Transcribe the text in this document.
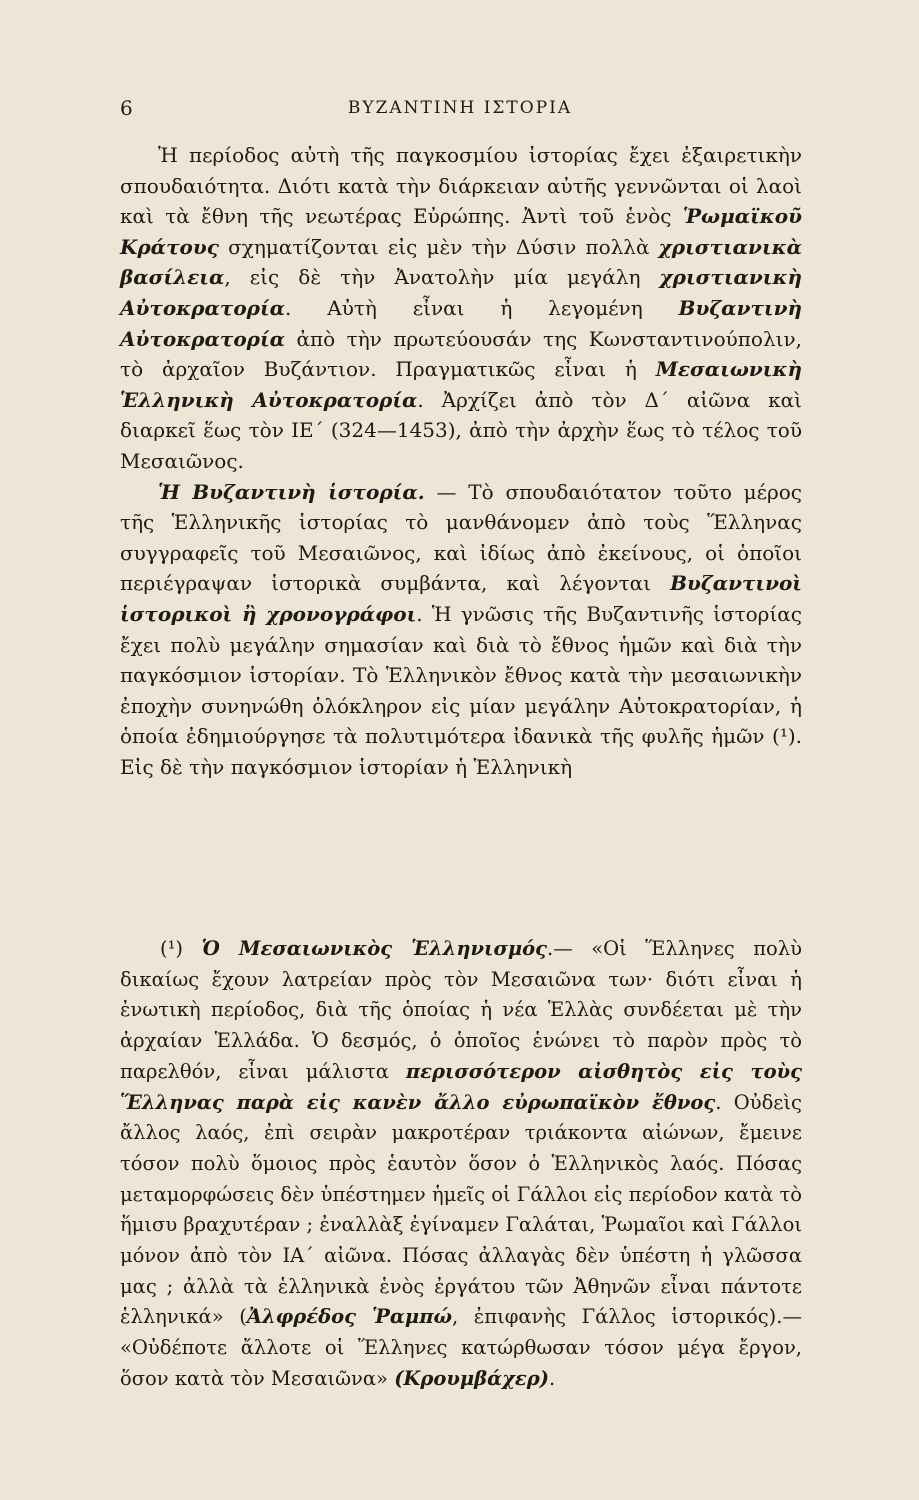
6	ΒΥΖΑΝΤΙΝΗ ΙΣΤΟΡΙΑ

Ἡ περίοδος αὐτὴ τῆς παγκοσμίου ἱστορίας ἔχει ἐξαιρετικὴν σπουδαιότητα. Διότι κατὰ τὴν διάρκειαν αὐτῆς γεννῶνται οἱ λαοὶ καὶ τὰ ἔθνη τῆς νεωτέρας Εὐρώπης. Ἀντὶ τοῦ ἑνὸς Ῥωμαϊκοῦ Κράτους σχηματίζονται εἰς μὲν τὴν Δύσιν πολλὰ χριστιανικὰ βασίλεια, εἰς δὲ τὴν Ἀνατολὴν μία μεγάλη χριστιανικὴ Αὐτοκρατορία. Αὐτὴ εἶναι ἡ λεγομένη Βυζαντινὴ Αὐτοκρατορία ἀπὸ τὴν πρωτεύουσάν της Κωνσταντινούπολιν, τὸ ἀρχαῖον Βυζάντιον. Πραγματικῶς εἶναι ἡ Μεσαιωνικὴ Ἑλληνικὴ Αὐτοκρατορία. Ἀρχίζει ἀπὸ τὸν Δ΄ αἰῶνα καὶ διαρκεῖ ἕως τὸν ΙΕ΄ (324—1453), ἀπὸ τὴν ἀρχὴν ἕως τὸ τέλος τοῦ Μεσαιῶνος.

Ἡ Βυζαντινὴ ἱστορία. — Τὸ σπουδαιότατον τοῦτο μέρος τῆς Ἑλληνικῆς ἱστορίας τὸ μανθάνομεν ἀπὸ τοὺς Ἕλληνας συγγραφεῖς τοῦ Μεσαιῶνος, καὶ ἰδίως ἀπὸ ἐκείνους, οἱ ὁποῖοι περιέγραψαν ἱστορικὰ συμβάντα, καὶ λέγονται Βυζαντινοὶ ἱστορικοὶ ἢ χρονογράφοι. Ἡ γνῶσις τῆς Βυζαντινῆς ἱστορίας ἔχει πολὺ μεγάλην σημασίαν καὶ διὰ τὸ ἔθνος ἡμῶν καὶ διὰ τὴν παγκόσμιον ἱστορίαν. Τὸ Ἑλληνικὸν ἔθνος κατὰ τὴν μεσαιωνικὴν ἐποχὴν συνηνώθη ὁλόκληρον εἰς μίαν μεγάλην Αὐτοκρατορίαν, ἡ ὁποία ἐδημιούργησε τὰ πολυτιμότερα ἰδανικὰ τῆς φυλῆς ἡμῶν (¹). Εἰς δὲ τὴν παγκόσμιον ἱστορίαν ἡ Ἑλληνικὴ

(¹) Ὁ Μεσαιωνικὸς Ἑλληνισμός.— «Οἱ Ἕλληνες πολὺ δικαίως ἔχουν λατρείαν πρὸς τὸν Μεσαιῶνα των· διότι εἶναι ἡ ἐνωτικὴ περίοδος, διὰ τῆς ὁποίας ἡ νέα Ἑλλὰς συνδέεται μὲ τὴν ἀρχαίαν Ἑλλάδα. Ὁ δεσμός, ὁ ὁποῖος ἑνώνει τὸ παρὸν πρὸς τὸ παρελθόν, εἶναι μάλιστα περισσότερον αἰσθητὸς εἰς τοὺς Ἕλληνας παρὰ εἰς κανὲν ἄλλο εὐρωπαϊκὸν ἔθνος. Οὐδεὶς ἄλλος λαός, ἐπὶ σειρὰν μακροτέραν τριάκοντα αἰώνων, ἔμεινε τόσον πολὺ ὅμοιος πρὸς ἑαυτὸν ὅσον ὁ Ἑλληνικὸς λαός. Πόσας μεταμορφώσεις δὲν ὑπέστημεν ἡμεῖς οἱ Γάλλοι εἰς περίοδον κατὰ τὸ ἥμισυ βραχυτέραν ; ἐναλλὰξ ἐγίναμεν Γαλάται, Ῥωμαῖοι καὶ Γάλλοι μόνον ἀπὸ τὸν ΙΑ΄ αἰῶνα. Πόσας ἀλλαγὰς δὲν ὑπέστη ἡ γλῶσσα μας ; ἀλλὰ τὰ ἑλληνικὰ ἑνὸς ἐργάτου τῶν Ἀθηνῶν εἶναι πάντοτε ἑλληνικά» (Ἀλφρέδος Ῥαμπώ, ἐπιφανὴς Γάλλος ἱστορικός).— «Οὐδέποτε ἄλλοτε οἱ Ἕλληνες κατώρθωσαν τόσον μέγα ἔργον, ὅσον κατὰ τὸν Μεσαιῶνα» (Κρουμβάχερ).
